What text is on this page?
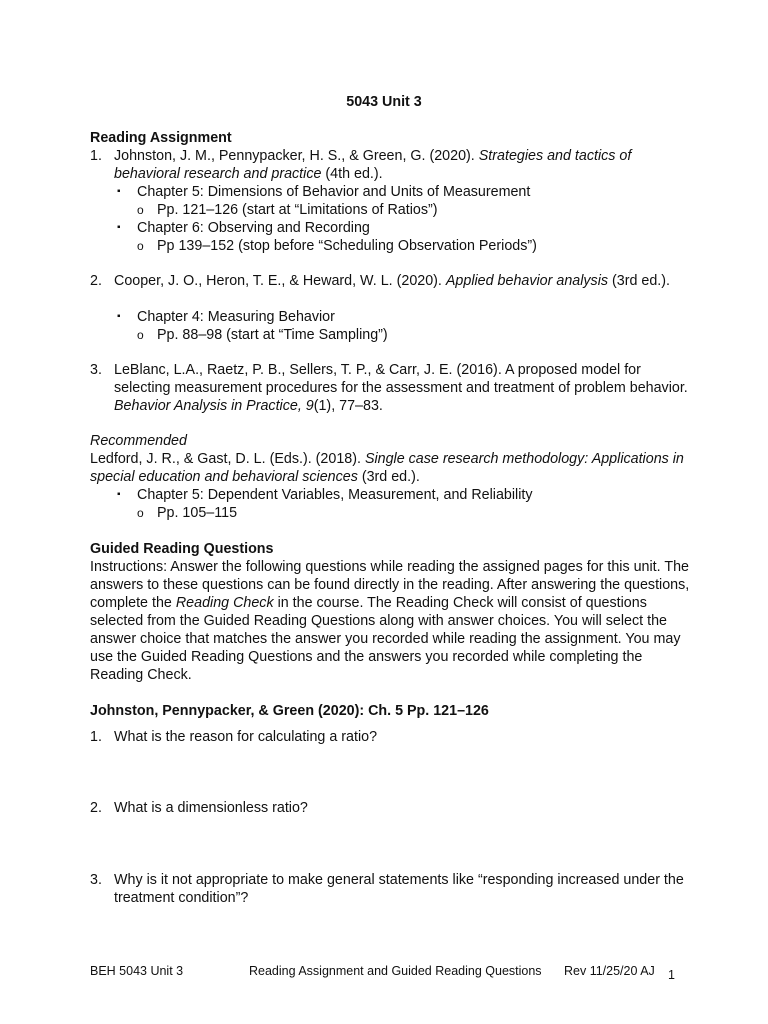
5043 Unit 3
Reading Assignment
1. Johnston, J. M., Pennypacker, H. S., & Green, G. (2020). Strategies and tactics of behavioral research and practice (4th ed.).
▪ Chapter 5: Dimensions of Behavior and Units of Measurement
o Pp. 121–126 (start at “Limitations of Ratios”)
▪ Chapter 6: Observing and Recording
o Pp 139–152 (stop before “Scheduling Observation Periods”)
2. Cooper, J. O., Heron, T. E., & Heward, W. L. (2020). Applied behavior analysis (3rd ed.).
▪ Chapter 4: Measuring Behavior
o Pp. 88–98 (start at “Time Sampling”)
3. LeBlanc, L.A., Raetz, P. B., Sellers, T. P., & Carr, J. E. (2016). A proposed model for selecting measurement procedures for the assessment and treatment of problem behavior. Behavior Analysis in Practice, 9(1), 77–83.
Recommended
Ledford, J. R., & Gast, D. L. (Eds.). (2018). Single case research methodology: Applications in special education and behavioral sciences (3rd ed.).
▪ Chapter 5: Dependent Variables, Measurement, and Reliability
o Pp. 105–115
Guided Reading Questions
Instructions: Answer the following questions while reading the assigned pages for this unit. The answers to these questions can be found directly in the reading. After answering the questions, complete the Reading Check in the course. The Reading Check will consist of questions selected from the Guided Reading Questions along with answer choices. You will select the answer choice that matches the answer you recorded while reading the assignment. You may use the Guided Reading Questions and the answers you recorded while completing the Reading Check.
Johnston, Pennypacker, & Green (2020): Ch. 5 Pp. 121–126
1. What is the reason for calculating a ratio?
2. What is a dimensionless ratio?
3. Why is it not appropriate to make general statements like “responding increased under the treatment condition”?
BEH 5043 Unit 3	Reading Assignment and Guided Reading Questions Rev 11/25/20 AJ 1
